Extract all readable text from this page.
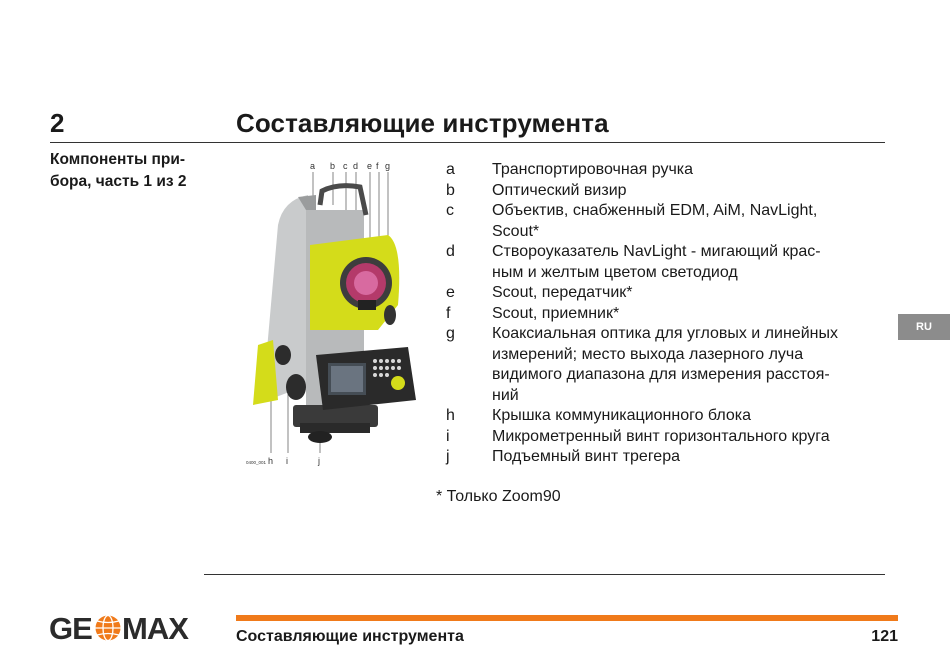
2	Составляющие инструмента
Компоненты при-
бора, часть 1 из 2
a b c d e f g
0400_001 h i	j
a	Транспортировочная ручка
b	Оптический визир
c	Объектив, снабженный EDM, AiM, NavLight,
Scout*
d	Створоуказатель NavLight - мигающий крас-
ным и желтым цветом светодиод
e	Scout, передатчик*
f	Scout, приемник*
g	Коаксиальная оптика для угловых и линейных
измерений; место выхода лазерного луча
видимого диапазона для измерения расстоя-
ний
h	Крышка коммуникационного блока
i	Микрометренный винт горизонтального круга
j	Подъемный винт трегера
* Только Zoom90
RU
GE MAX	Составляющие инструмента	121
